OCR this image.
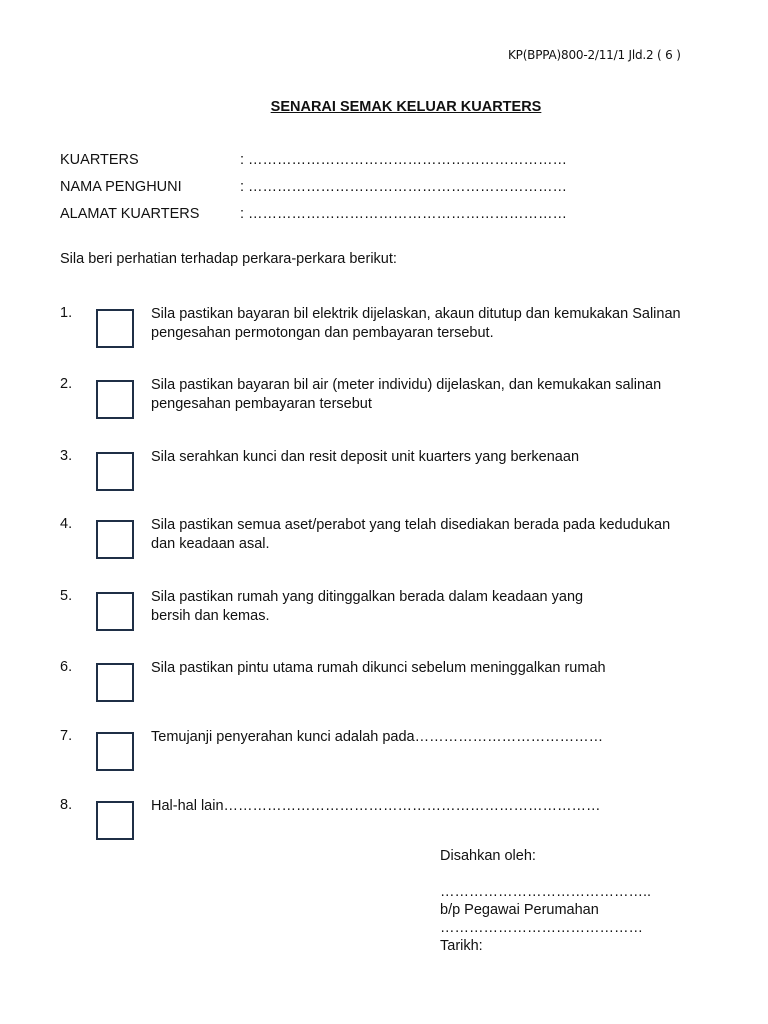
KP(BPPA)800-2/11/1 Jld.2 ( 6 )
SENARAI SEMAK KELUAR KUARTERS
KUARTERS	: …………………………………………………………
NAMA PENGHUNI	: …………………………………………………………
ALAMAT KUARTERS	: …………………………………………………………
Sila beri perhatian terhadap perkara-perkara berikut:
1.	Sila pastikan bayaran bil elektrik dijelaskan, akaun ditutup dan kemukakan Salinan pengesahan permotongan dan pembayaran tersebut.
2.	Sila pastikan bayaran bil air (meter individu) dijelaskan, dan kemukakan salinan pengesahan pembayaran tersebut
3.	Sila serahkan kunci dan resit deposit unit kuarters yang berkenaan
4.	Sila pastikan semua aset/perabot yang telah disediakan berada pada kedudukan dan keadaan asal.
5.	Sila pastikan rumah yang ditinggalkan berada dalam keadaan yang bersih dan kemas.
6.	Sila pastikan pintu utama rumah dikunci sebelum meninggalkan rumah
7.	Temujanji penyerahan kunci adalah pada…………………………………
8.	Hal-hal lain……………………………………………………………………
Disahkan oleh:
……………………………………..
b/p Pegawai Perumahan
……………………………………
Tarikh:
